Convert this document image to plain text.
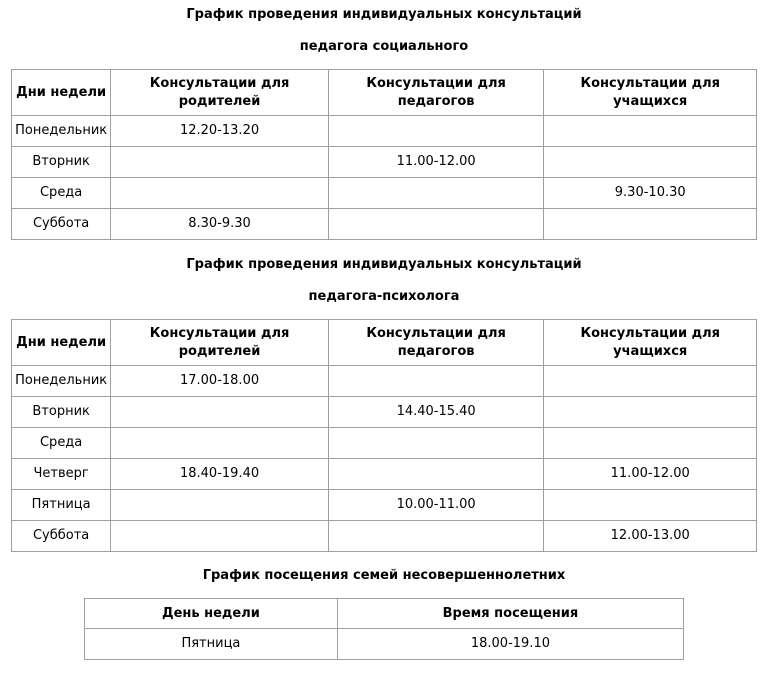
График проведения индивидуальных консультаций
педагога социального
Дни недели	Консультации для родителей	Консультации для педагогов	Консультации для учащихся
Понедельник	12.20-13.20		
Вторник		11.00-12.00	
Среда			9.30-10.30
Суббота	8.30-9.30		
График проведения индивидуальных консультаций
педагога-психолога
Дни недели	Консультации для родителей	Консультации для педагогов	Консультации для учащихся
Понедельник	17.00-18.00		
Вторник		14.40-15.40	
Среда			
Четверг	18.40-19.40		11.00-12.00
Пятница		10.00-11.00	
Суббота			12.00-13.00
График посещения семей несовершеннолетних
День недели	Время посещения
Пятница	18.00-19.10
